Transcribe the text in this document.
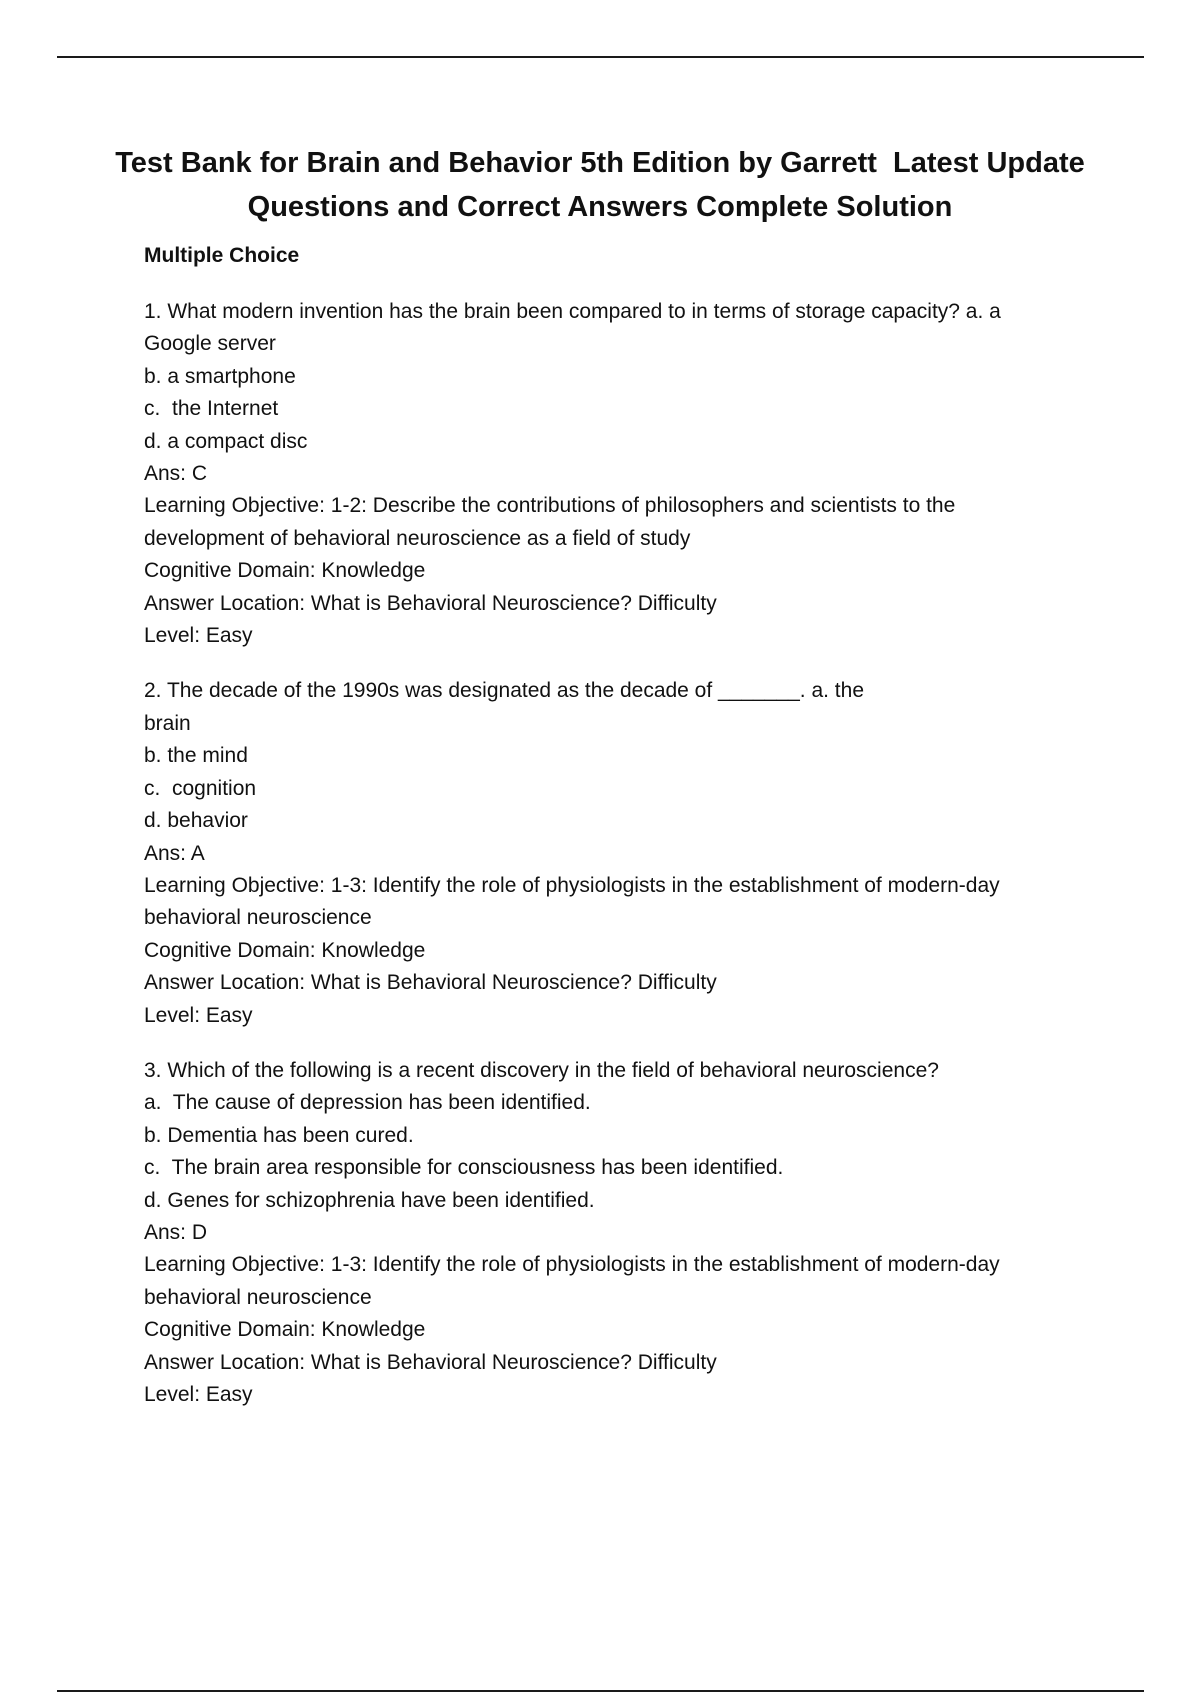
Test Bank for Brain and Behavior 5th Edition by Garrett  Latest Update
Questions and Correct Answers Complete Solution
Multiple Choice
1. What modern invention has the brain been compared to in terms of storage capacity? a. a
Google server
b. a smartphone
c.  the Internet
d. a compact disc
Ans: C
Learning Objective: 1-2: Describe the contributions of philosophers and scientists to the
development of behavioral neuroscience as a field of study
Cognitive Domain: Knowledge
Answer Location: What is Behavioral Neuroscience? Difficulty
Level: Easy
2. The decade of the 1990s was designated as the decade of _______. a. the
brain
b. the mind
c.  cognition
d. behavior
Ans: A
Learning Objective: 1-3: Identify the role of physiologists in the establishment of modern-day
behavioral neuroscience
Cognitive Domain: Knowledge
Answer Location: What is Behavioral Neuroscience? Difficulty
Level: Easy
3. Which of the following is a recent discovery in the field of behavioral neuroscience?
a.  The cause of depression has been identified.
b. Dementia has been cured.
c.  The brain area responsible for consciousness has been identified.
d. Genes for schizophrenia have been identified.
Ans: D
Learning Objective: 1-3: Identify the role of physiologists in the establishment of modern-day
behavioral neuroscience
Cognitive Domain: Knowledge
Answer Location: What is Behavioral Neuroscience? Difficulty
Level: Easy
